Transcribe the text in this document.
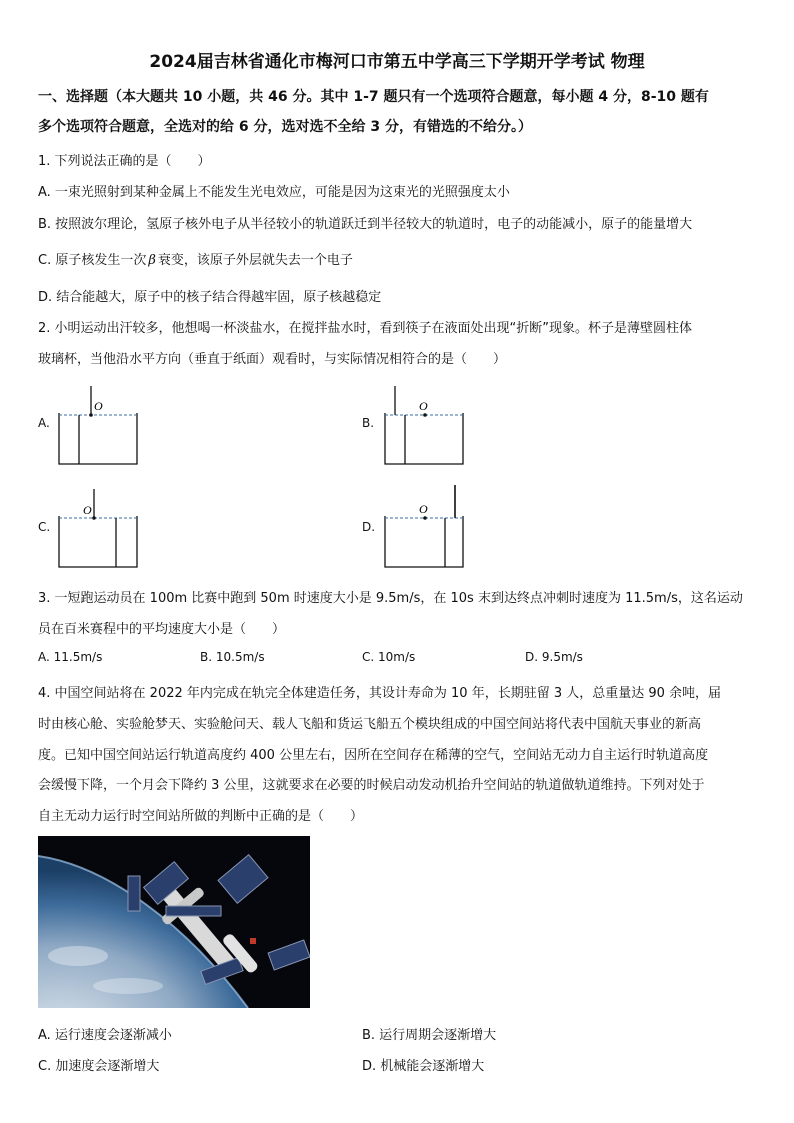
2024届吉林省通化市梅河口市第五中学高三下学期开学考试 物理
一、选择题（本大题共 10 小题，共 46 分。其中 1-7 题只有一个选项符合题意，每小题 4 分，8-10 题有
多个选项符合题意，全选对的给 6 分，选对选不全给 3 分，有错选的不给分。）
1. 下列说法正确的是（　　）
A. 一束光照射到某种金属上不能发生光电效应，可能是因为这束光的光照强度太小
B. 按照波尔理论，氢原子核外电子从半径较小的轨道跃迁到半径较大的轨道时，电子的动能减小，原子的能量增大
C. 原子核发生一次 β 衰变，该原子外层就失去一个电子
D. 结合能越大，原子中的核子结合得越牢固，原子核越稳定
2. 小明运动出汗较多，他想喝一杯淡盐水，在搅拌盐水时，看到筷子在液面处出现“折断”现象。杯子是薄壁圆柱体
玻璃杯，当他沿水平方向（垂直于纸面）观看时，与实际情况相符合的是（　　）
A.	B.
C.	D.
O	O
O	O
3. 一短跑运动员在 100m 比赛中跑到 50m 时速度大小是 9.5m/s，在 10s 末到达终点冲刺时速度为 11.5m/s，这名运动
员在百米赛程中的平均速度大小是（　　）
A. 11.5m/s	B. 10.5m/s	C. 10m/s	D. 9.5m/s
4. 中国空间站将在 2022 年内完成在轨完全体建造任务，其设计寿命为 10 年，长期驻留 3 人，总重量达 90 余吨，届
时由核心舱、实验舱梦天、实验舱问天、载人飞船和货运飞船五个模块组成的中国空间站将代表中国航天事业的新高
度。已知中国空间站运行轨道高度约 400 公里左右，因所在空间存在稀薄的空气，空间站无动力自主运行时轨道高度
会缓慢下降，一个月会下降约 3 公里，这就要求在必要的时候启动发动机抬升空间站的轨道做轨道维持。下列对处于
自主无动力运行时空间站所做的判断中正确的是（　　）
A. 运行速度会逐渐减小	B. 运行周期会逐渐增大
C. 加速度会逐渐增大	D. 机械能会逐渐增大
